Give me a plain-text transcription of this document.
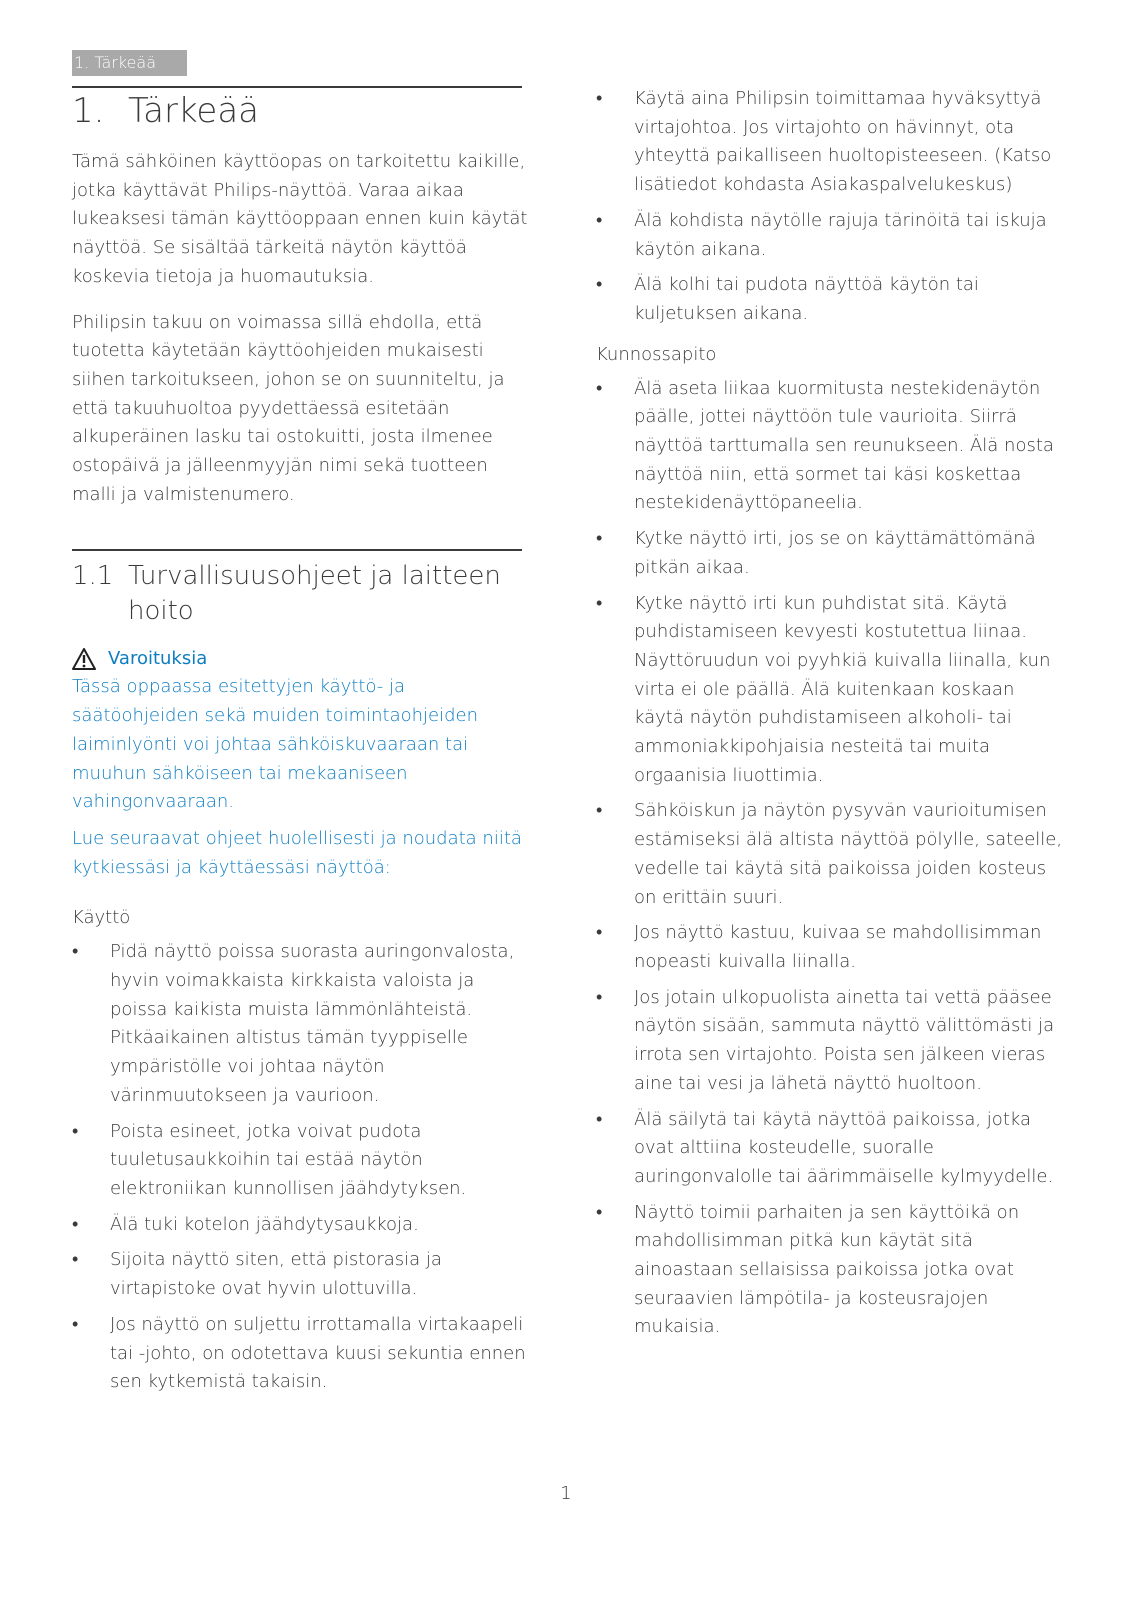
1. Tärkeää
1. Tärkeää

Tämä sähköinen käyttöopas on tarkoitettu kaikille, jotka käyttävät Philips-näyttöä. Varaa aikaa lukeaksesi tämän käyttöoppaan ennen kuin käytät näyttöä. Se sisältää tärkeitä näytön käyttöä koskevia tietoja ja huomautuksia.

Philipsin takuu on voimassa sillä ehdolla, että tuotetta käytetään käyttöohjeiden mukaisesti siihen tarkoitukseen, johon se on suunniteltu, ja että takuuhuoltoa pyydettäessä esitetään alkuperäinen lasku tai ostokuitti, josta ilmenee ostopäivä ja jälleenmyyjän nimi sekä tuotteen malli ja valmistenumero.

1.1 Turvallisuusohjeet ja laitteen hoito
Varoituksia

Tässä oppaassa esitettyjen käyttö- ja säätöohjeiden sekä muiden toimintaohjeiden laiminlyönti voi johtaa sähköiskuvaaraan tai muuhun sähköiseen tai mekaaniseen vahingonvaaraan.

Lue seuraavat ohjeet huolellisesti ja noudata niitä kytkiessäsi ja käyttäessäsi näyttöä:

Käyttö
• Pidä näyttö poissa suorasta auringonvalosta, hyvin voimakkaista kirkkaista valoista ja poissa kaikista muista lämmönlähteistä. Pitkäaikainen altistus tämän tyyppiselle ympäristölle voi johtaa näytön värinmuutokseen ja vaurioon.
• Poista esineet, jotka voivat pudota tuuletusaukkoihin tai estää näytön elektroniikan kunnollisen jäähdytyksen.
• Älä tuki kotelon jäähdytysaukkoja.
• Sijoita näyttö siten, että pistorasia ja virtapistoke ovat hyvin ulottuvilla.
• Jos näyttö on suljettu irrottamalla virtakaapeli tai -johto, on odotettava kuusi sekuntia ennen sen kytkemistä takaisin.
• Käytä aina Philipsin toimittamaa hyväksyttyä virtajohtoa. Jos virtajohto on hävinnyt, ota yhteyttä paikalliseen huoltopisteeseen. (Katso lisätiedot kohdasta Asiakaspalvelukeskus)
• Älä kohdista näytölle rajuja tärinöitä tai iskuja käytön aikana.
• Älä kolhi tai pudota näyttöä käytön tai kuljetuksen aikana.
Kunnossapito
• Älä aseta liikaa kuormitusta nestekidenäytön päälle, jottei näyttöön tule vaurioita. Siirrä näyttöä tarttumalla sen reunukseen. Älä nosta näyttöä niin, että sormet tai käsi koskettaa nestekidenäyttöpaneelia.
• Kytke näyttö irti, jos se on käyttämättömänä pitkän aikaa.
• Kytke näyttö irti kun puhdistat sitä. Käytä puhdistamiseen kevyesti kostutettua liinaa. Näyttöruudun voi pyyhkiä kuivalla liinalla, kun virta ei ole päällä. Älä kuitenkaan koskaan käytä näytön puhdistamiseen alkoholi- tai ammoniakkipohjaisia nesteitä tai muita orgaanisia liuottimia.
• Sähköiskun ja näytön pysyvän vaurioitumisen estämiseksi älä altista näyttöä pölylle, sateelle, vedelle tai käytä sitä paikoissa joiden kosteus on erittäin suuri.
• Jos näyttö kastuu, kuivaa se mahdollisimman nopeasti kuivalla liinalla.
• Jos jotain ulkopuolista ainetta tai vettä pääsee näytön sisään, sammuta näyttö välittömästi ja irrota sen virtajohto. Poista sen jälkeen vieras aine tai vesi ja lähetä näyttö huoltoon.
• Älä säilytä tai käytä näyttöä paikoissa, jotka ovat alttiina kosteudelle, suoralle auringonvalolle tai äärimmäiselle kylmyydelle.
• Näyttö toimii parhaiten ja sen käyttöikä on mahdollisimman pitkä kun käytät sitä ainoastaan sellaisissa paikoissa jotka ovat seuraavien lämpötila- ja kosteusrajojen mukaisia.
1
